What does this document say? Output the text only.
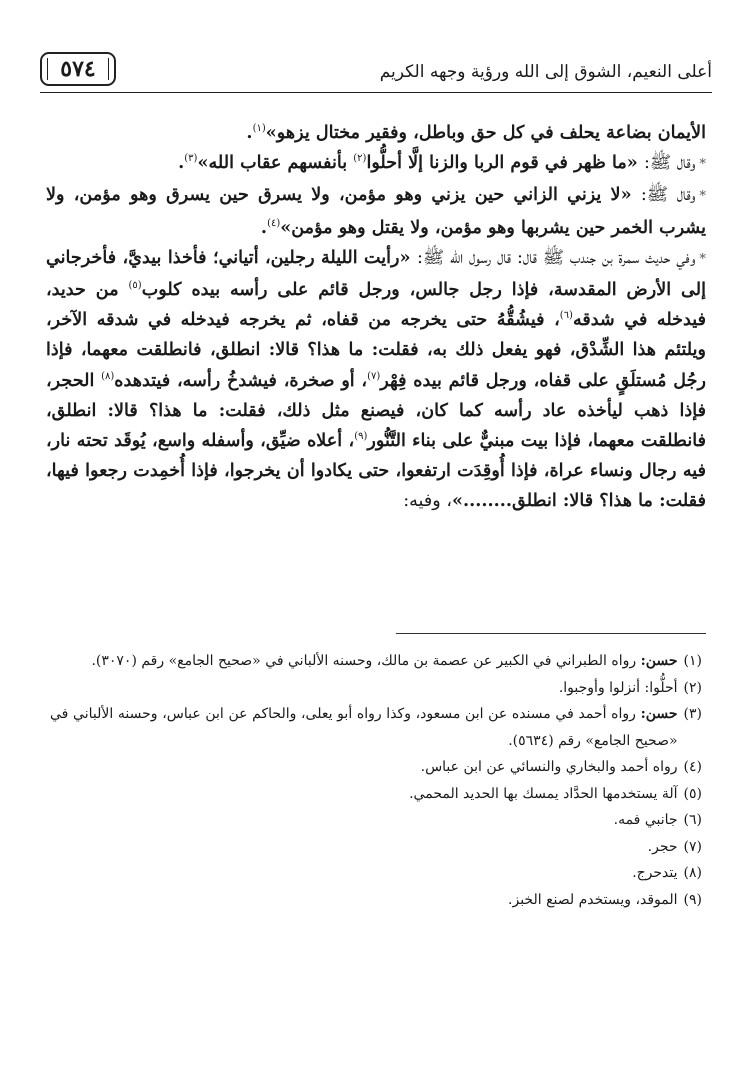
أعلى النعيم، الشوق إلى الله ورؤية وجهه الكريم
٥٧٤

الأيمان بضاعة يحلف في كل حق وباطل، وفقير مختال يزهو»$^{(١)}$.

*وقال ﷺ: «ما ظهر في قوم الربا والزنا إلَّا أحلُّوا$^{(٢)}$ بأنفسهم عقاب الله»$^{(٣)}$.

*وقال ﷺ: «لا يزني الزاني حين يزني وهو مؤمن، ولا يسرق حين يسرق وهو مؤمن، ولا يشرب الخمر حين يشربها وهو مؤمن، ولا يقتل وهو مؤمن»$^{(٤)}$.

*وفي حديث سمرة بن جندب ﷺ قال: قال رسول الله ﷺ: «رأيت الليلة رجلين، أتياني؛ فأخذا بيديَّ، فأخرجاني إلى الأرض المقدسة، فإذا رجل جالس، ورجل قائم على رأسه بيده كلوب$^{(٥)}$ من حديد، فيدخله في شدقه$^{(٦)}$، فيشُقُّهُ حتى يخرجه من قفاه، ثم يخرجه فيدخله في شدقه الآخر، ويلتئم هذا الشِّدْق، فهو يفعل ذلك به، فقلت: ما هذا؟ قالا: انطلق، فانطلقت معهما، فإذا رجُل مُستلَقٍ على قفاه، ورجل قائم بيده فِهْر$^{(٧)}$، أو صخرة، فيشدخُ رأسه، فيتدهده$^{(٨)}$ الحجر، فإذا ذهب ليأخذه عاد رأسه كما كان، فيصنع مثل ذلك، فقلت: ما هذا؟ قالا: انطلق، فانطلقت معهما، فإذا بيت مبنيٌّ على بناء التَّنُّور$^{(٩)}$، أعلاه ضيِّق، وأسفله واسع، يُوقَد تحته نار، فيه رجال ونساء عراة، فإذا أُوقِدَت ارتفعوا، حتى يكادوا أن يخرجوا، فإذا أُخمِدت رجعوا فيها، فقلت: ما هذا؟ قالا: انطلق........»، وفيه:

(١)
حسن: رواه الطبراني في الكبير عن عصمة بن مالك، وحسنه الألباني في «صحيح الجامع» رقم (٣٠٧٠).
(٢)
أحلُّوا: أنزلوا وأوجبوا.
(٣)
حسن: رواه أحمد في مسنده عن ابن مسعود، وكذا رواه أبو يعلى، والحاكم عن ابن عباس، وحسنه الألباني في «صحيح الجامع» رقم (٥٦٣٤).
(٤)
رواه أحمد والبخاري والنسائي عن ابن عباس.
(٥)
آلة يستخدمها الحدَّاد يمسك بها الحديد المحمي.
(٦)
جانبي فمه.
(٧)
حجر.
(٨)
يتدحرج.
(٩)
الموقد، ويستخدم لصنع الخبز.
